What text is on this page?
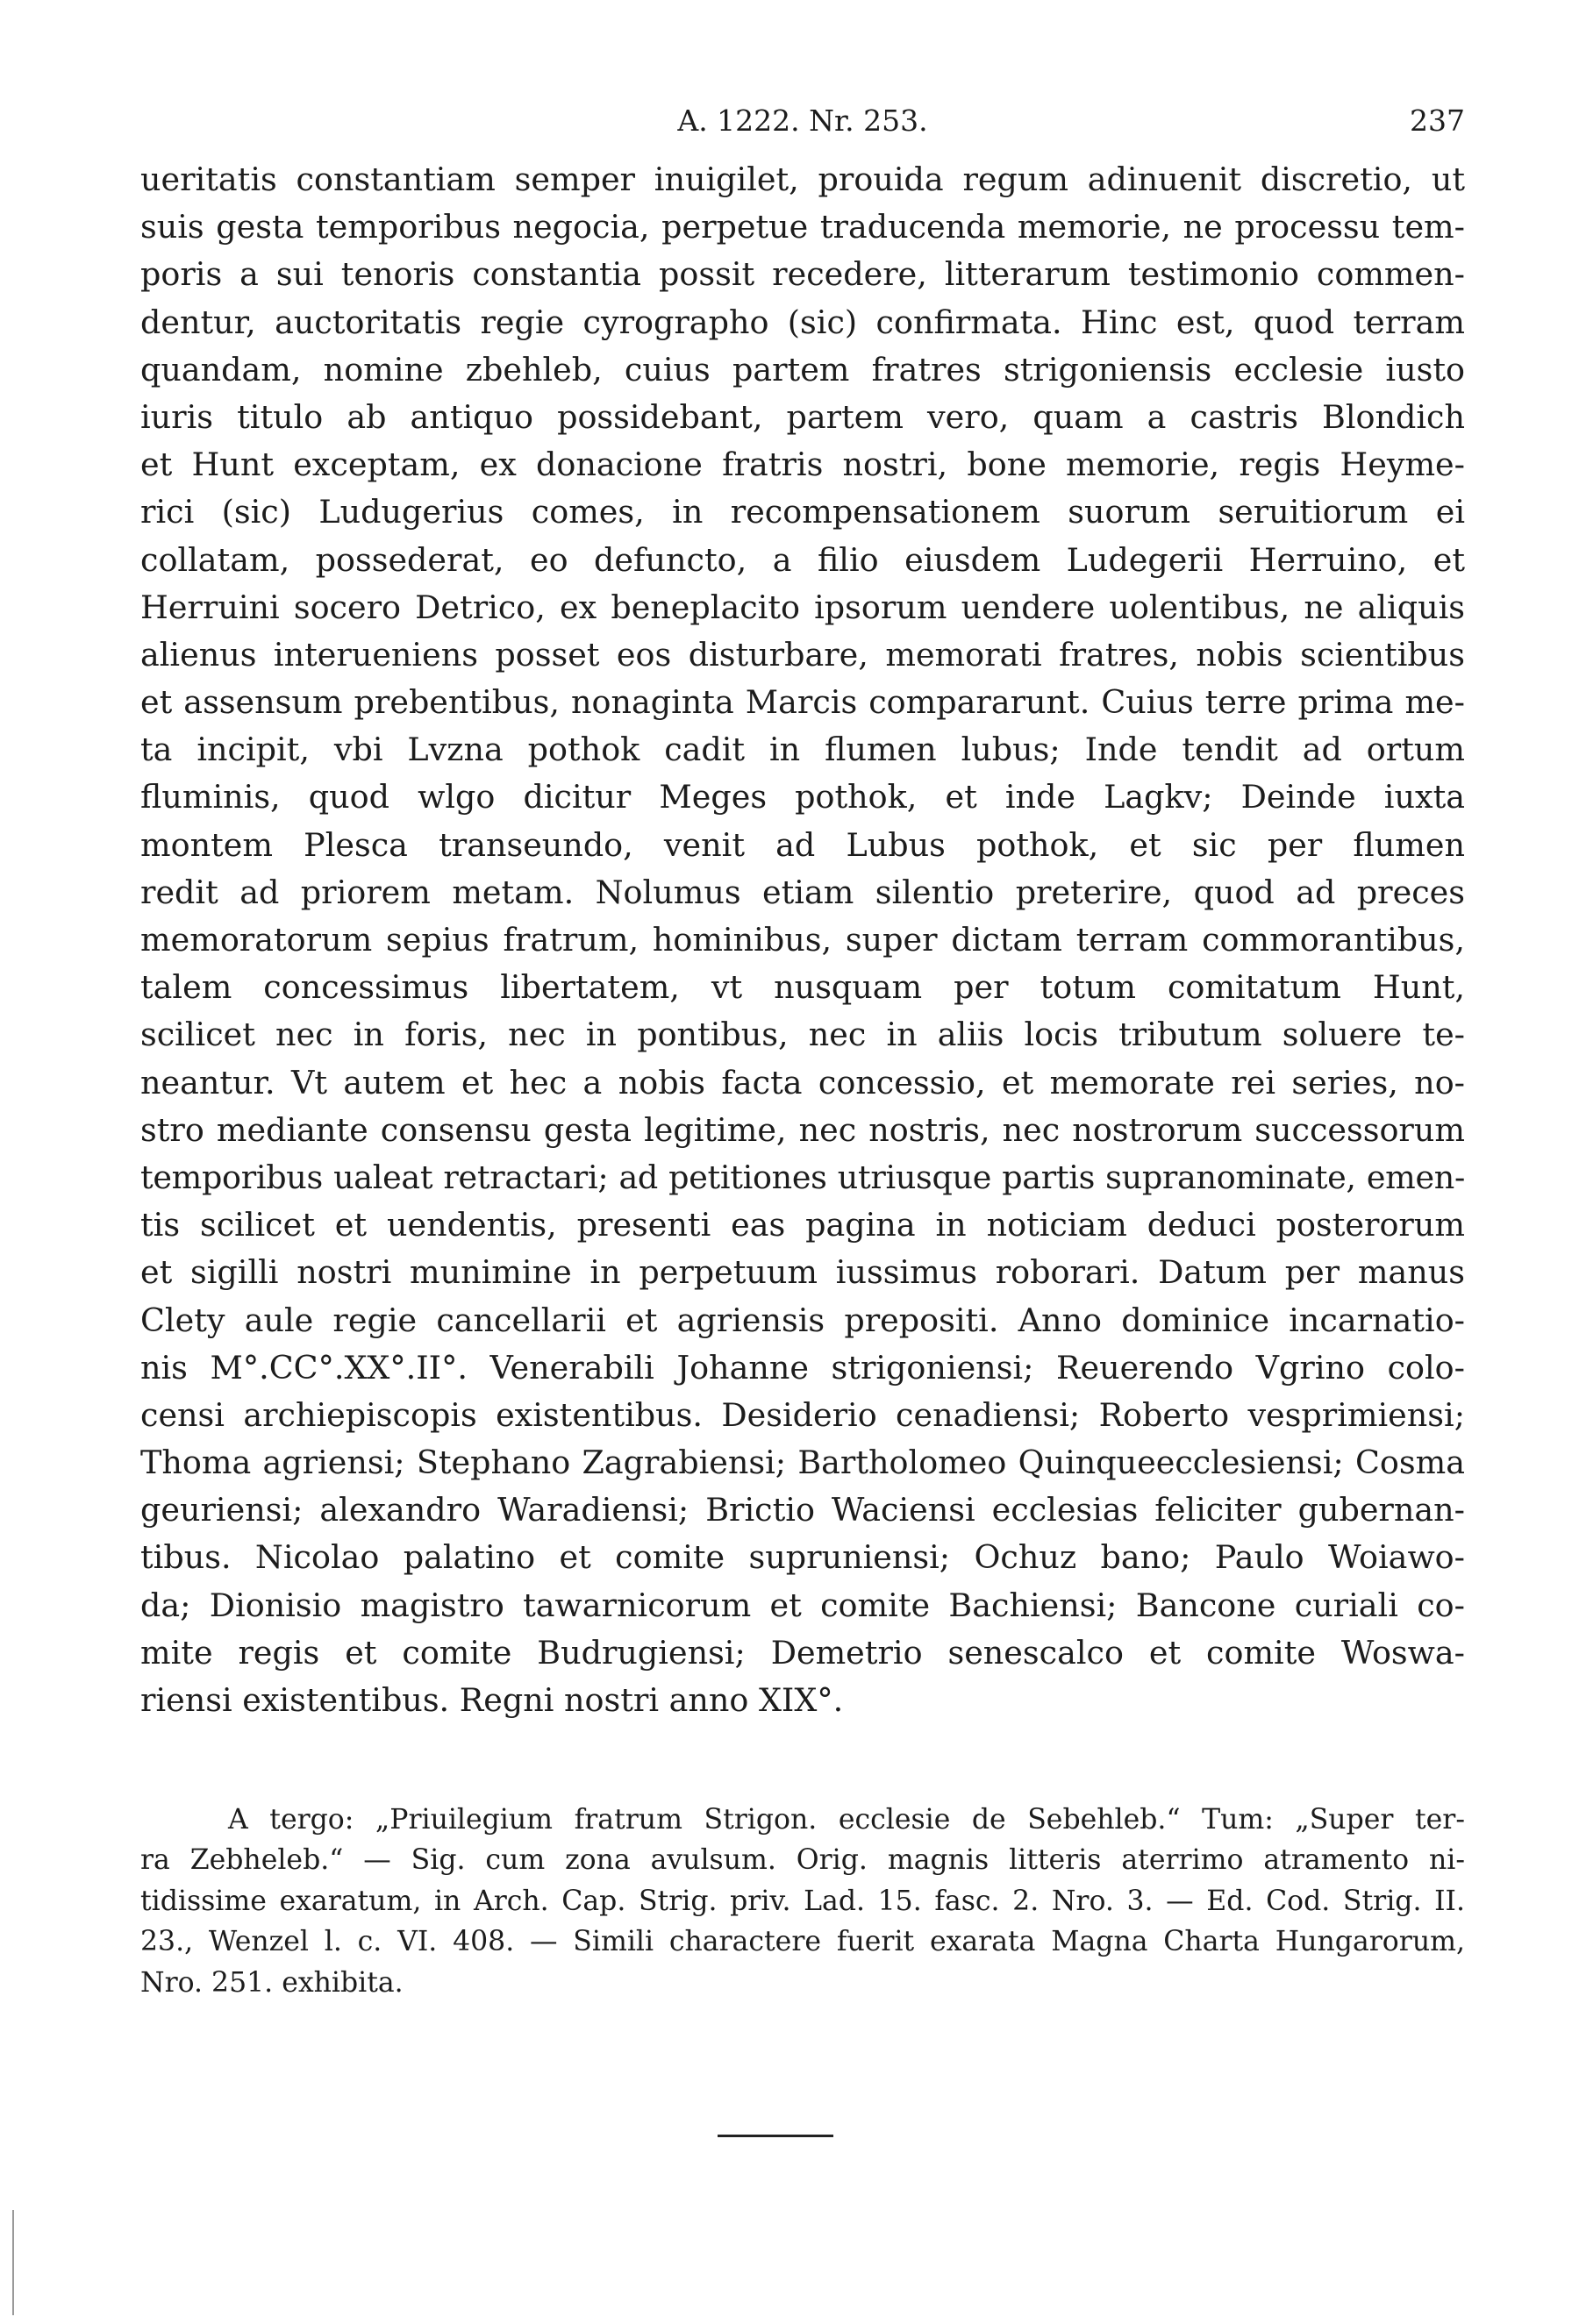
A. 1222. Nr. 253.	237
ueritatis constantiam semper inuigilet, prouida regum adinuenit discretio, ut
suis gesta temporibus negocia, perpetue traducenda memorie, ne processu tem-
poris a sui tenoris constantia possit recedere, litterarum testimonio commen-
dentur, auctoritatis regie cyrographo (sic) confirmata. Hinc est, quod terram
quandam, nomine zbehleb, cuius partem fratres strigoniensis ecclesie iusto
iuris titulo ab antiquo possidebant, partem vero, quam a castris Blondich
et Hunt exceptam, ex donacione fratris nostri, bone memorie, regis Heyme-
rici (sic) Ludugerius comes, in recompensationem suorum seruitiorum ei
collatam, possederat, eo defuncto, a filio eiusdem Ludegerii Herruino, et
Herruini socero Detrico, ex beneplacito ipsorum uendere uolentibus, ne aliquis
alienus interueniens posset eos disturbare, memorati fratres, nobis scientibus
et assensum prebentibus, nonaginta Marcis compararunt. Cuius terre prima me-
ta incipit, vbi Lvzna pothok cadit in flumen lubus; Inde tendit ad ortum
fluminis, quod wlgo dicitur Meges pothok, et inde Lagkv; Deinde iuxta
montem Plesca transeundo, venit ad Lubus pothok, et sic per flumen
redit ad priorem metam. Nolumus etiam silentio preterire, quod ad preces
memoratorum sepius fratrum, hominibus, super dictam terram commorantibus,
talem concessimus libertatem, vt nusquam per totum comitatum Hunt,
scilicet nec in foris, nec in pontibus, nec in aliis locis tributum soluere te-
neantur. Vt autem et hec a nobis facta concessio, et memorate rei series, no-
stro mediante consensu gesta legitime, nec nostris, nec nostrorum successorum
temporibus ualeat retractari; ad petitiones utriusque partis supranominate, emen-
tis scilicet et uendentis, presenti eas pagina in noticiam deduci posterorum
et sigilli nostri munimine in perpetuum iussimus roborari. Datum per manus
Clety aule regie cancellarii et agriensis prepositi. Anno dominice incarnatio-
nis M°.CC°.XX°.II°. Venerabili Johanne strigoniensi; Reuerendo Vgrino colo-
censi archiepiscopis existentibus. Desiderio cenadiensi; Roberto vesprimiensi;
Thoma agriensi; Stephano Zagrabiensi; Bartholomeo Quinqueecclesiensi; Cosma
geuriensi; alexandro Waradiensi; Brictio Waciensi ecclesias feliciter gubernan-
tibus. Nicolao palatino et comite supruniensi; Ochuz bano; Paulo Woiawo-
da; Dionisio magistro tawarnicorum et comite Bachiensi; Bancone curiali co-
mite regis et comite Budrugiensi; Demetrio senescalco et comite Woswa-
riensi existentibus. Regni nostri anno XIX°.
A tergo: „Priuilegium fratrum Strigon. ecclesie de Sebehleb.“ Tum: „Super ter-
ra Zebheleb.“ — Sig. cum zona avulsum. Orig. magnis litteris aterrimo atramento ni-
tidissime exaratum, in Arch. Cap. Strig. priv. Lad. 15. fasc. 2. Nro. 3. — Ed. Cod. Strig. II.
23., Wenzel l. c. VI. 408. — Simili charactere fuerit exarata Magna Charta Hungarorum,
Nro. 251. exhibita.
